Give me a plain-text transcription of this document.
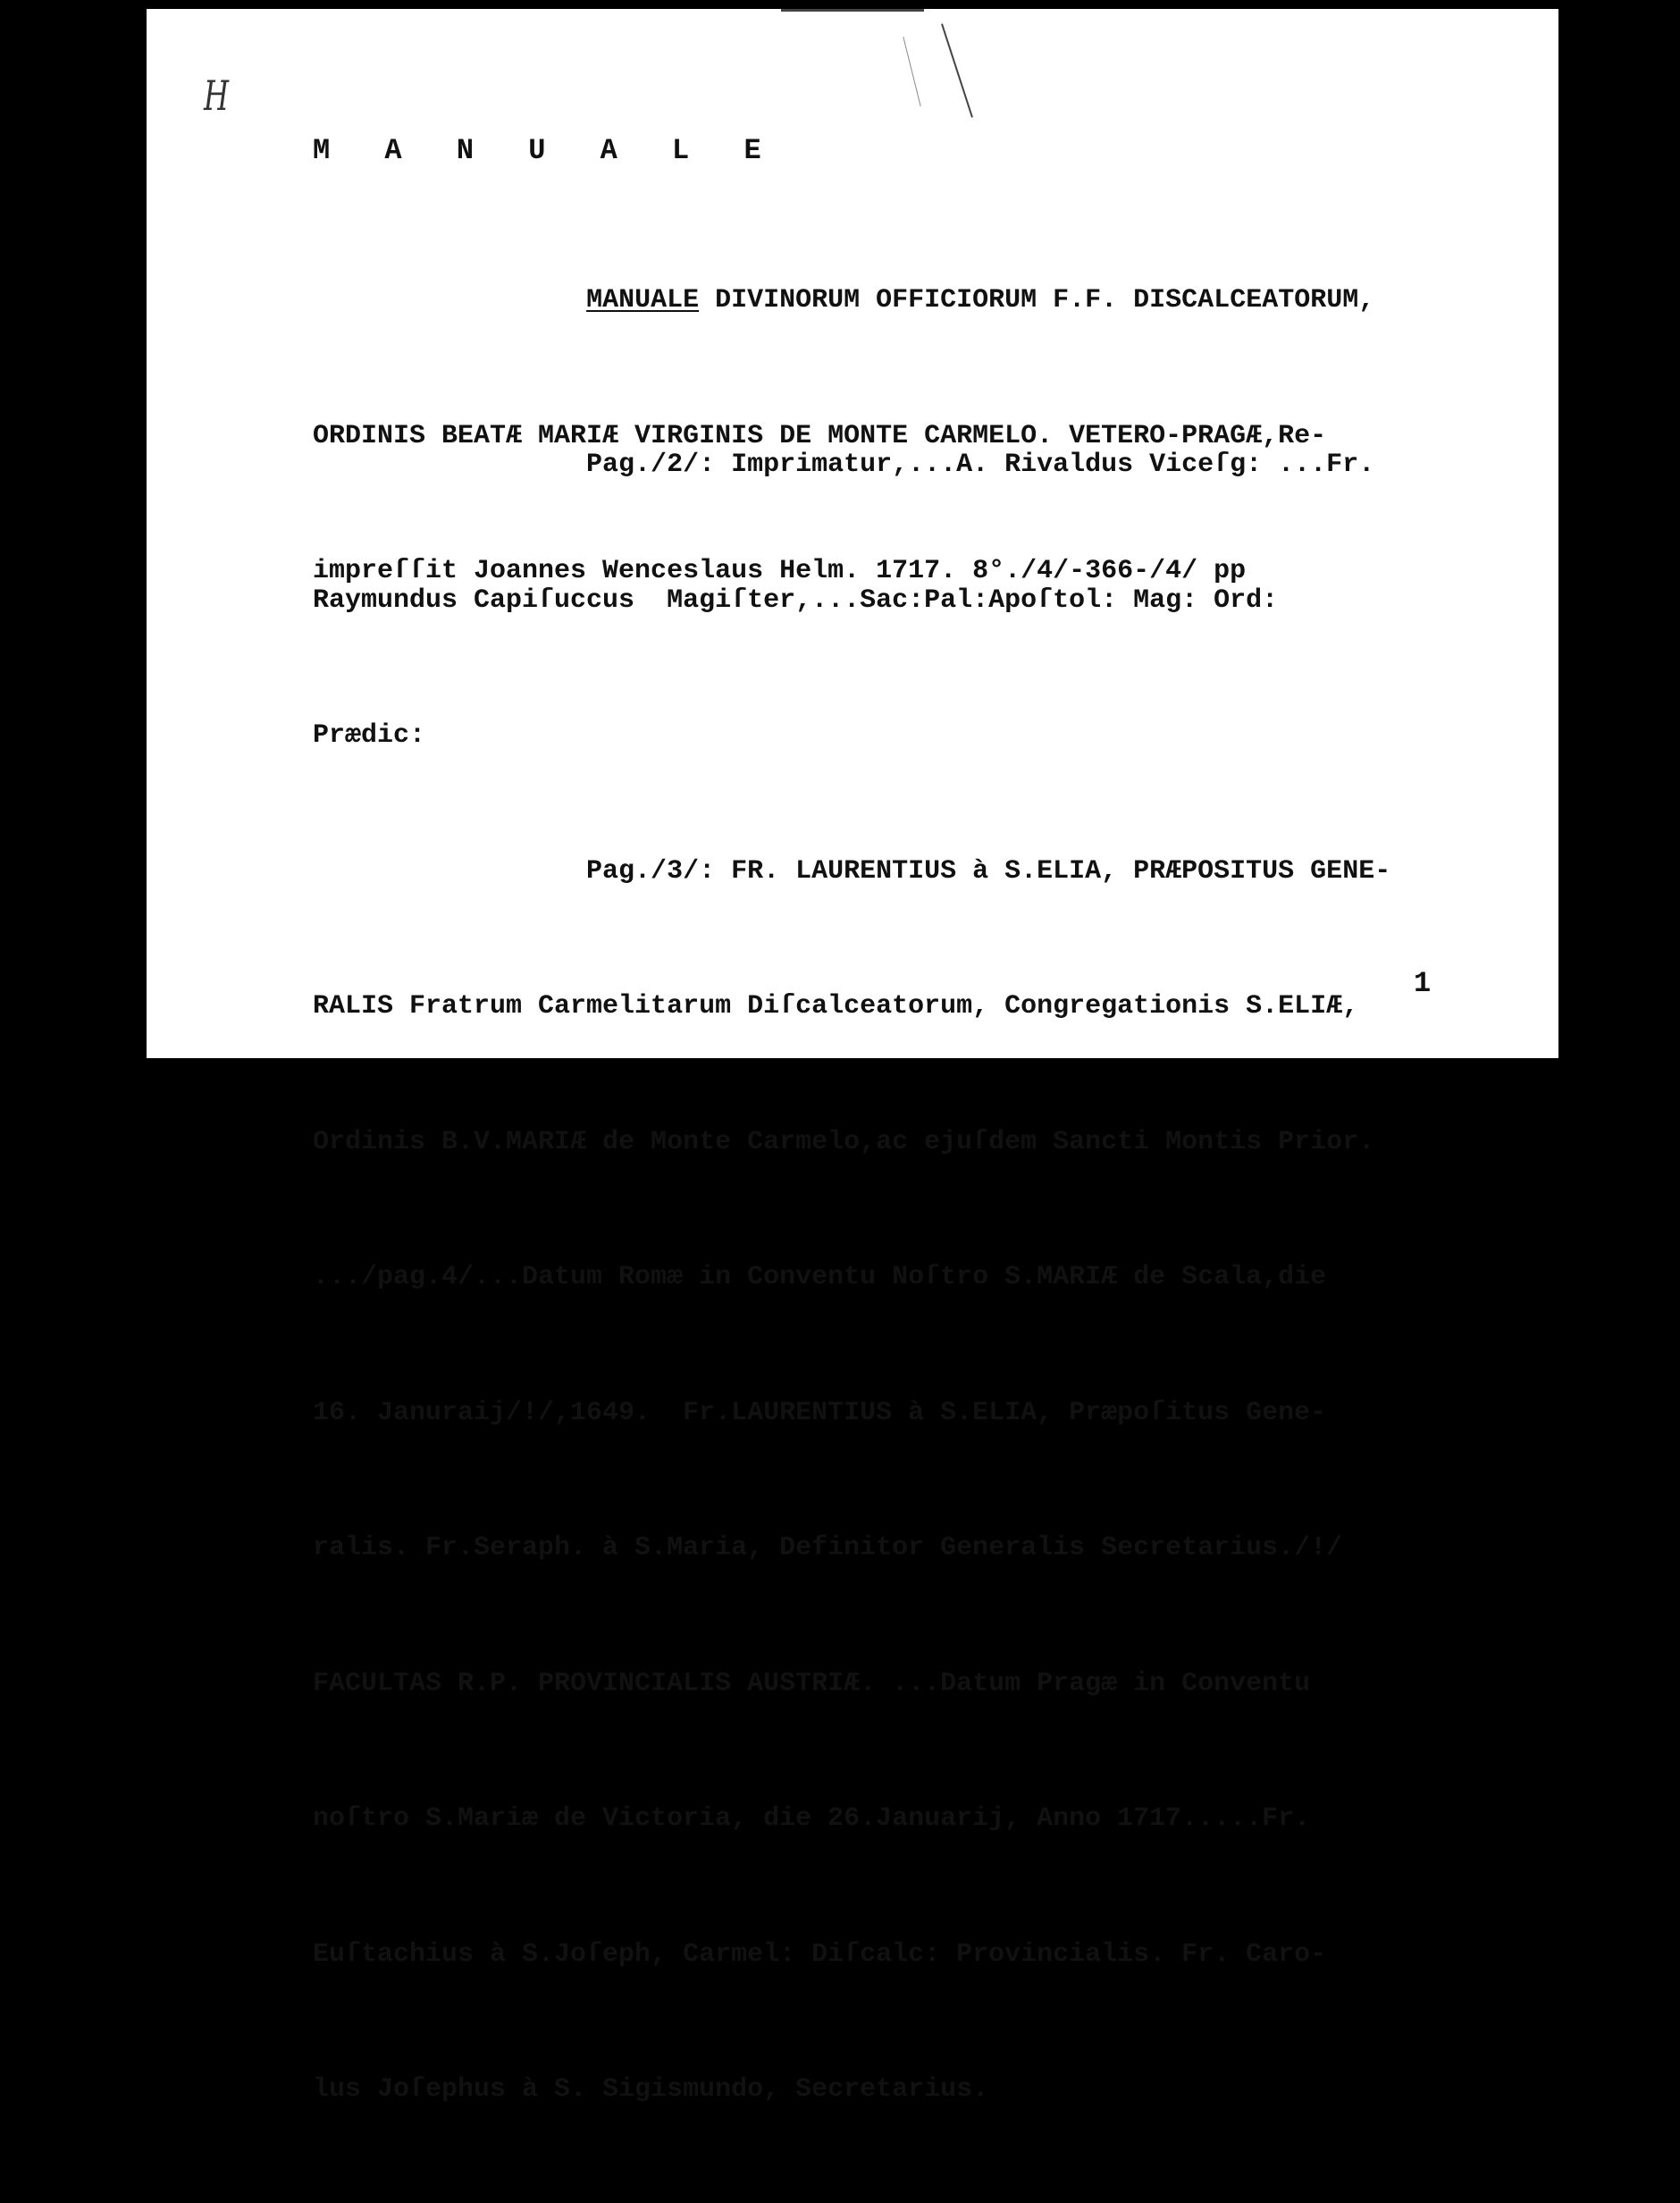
H
M A N U A L E

MANUALE DIVINORUM OFFICIORUM F.F. DISCALCEATORUM,

ORDINIS BEATÆ MARIÆ VIRGINIS DE MONTE CARMELO. VETERO-PRAGÆ,Re-

impreſſit Joannes Wenceslaus Helm. 1717. 8°./4/-366-/4/ pp

Pag./2/: Imprimatur,...A. Rivaldus Viceſg: ...Fr.

Raymundus Capiſuccus  Magiſter,...Sac:Pal:Apoſtol: Mag: Ord:

Prædic:

Pag./3/: FR. LAURENTIUS à S.ELIA, PRÆPOSITUS GENE-

RALIS Fratrum Carmelitarum Diſcalceatorum, Congregationis S.ELIÆ,

Ordinis B.V.MARIÆ de Monte Carmelo,ac ejuſdem Sancti Montis Prior.

.../pag.4/...Datum Romæ in Conventu Noſtro S.MARIÆ de Scala,die

16. Januraij/!/,1649.  Fr.LAURENTIUS à S.ELIA, Præpoſitus Gene-

ralis. Fr.Seraph. à S.Maria, Definitor Generalis Secretarius./!/

FACULTAS R.P. PROVINCIALIS AUSTRIÆ. ...Datum Pragæ in Conventu

noſtro S.Mariæ de Victoria, die 26.Januarij, Anno 1717.....Fr.

Euſtachius à S.Joſeph, Carmel: Diſcalc: Provincialis. Fr. Caro-

lus Joſephus à S. Sigismundo, Secretarius.

1
